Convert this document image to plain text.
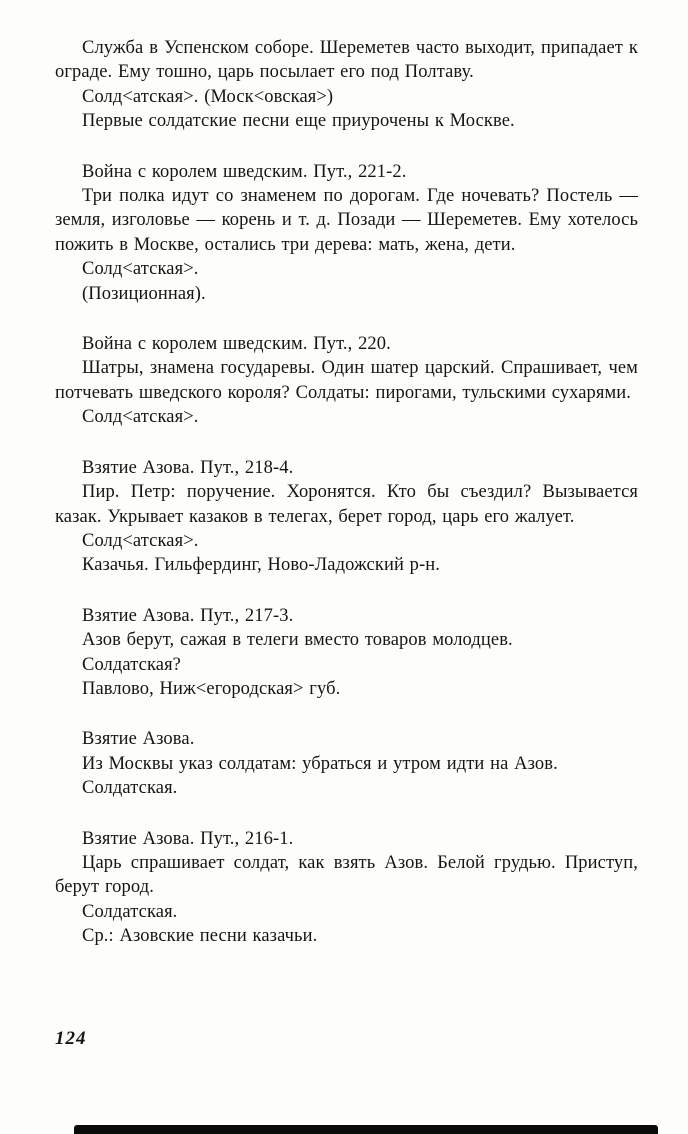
Служба в Успенском соборе. Шереметев часто выходит, припадает к ограде. Ему тошно, царь посылает его под Полтаву.

Солд<атская>. (Моск<овская>)

Первые солдатские песни еще приурочены к Москве.

Война с королем шведским. Пут., 221-2.

Три полка идут со знаменем по дорогам. Где ночевать? Постель — земля, изголовье — корень и т. д. Позади — Шереметев. Ему хотелось пожить в Москве, остались три дерева: мать, жена, дети.

Солд<атская>.

(Позиционная).

Война с королем шведским. Пут., 220.

Шатры, знамена государевы. Один шатер царский. Спрашивает, чем потчевать шведского короля? Солдаты: пирогами, тульскими сухарями.

Солд<атская>.

Взятие Азова. Пут., 218-4.

Пир. Петр: поручение. Хоронятся. Кто бы съездил? Вызывается казак. Укрывает казаков в телегах, берет город, царь его жалует.

Солд<атская>.

Казачья. Гильфердинг, Ново-Ладожский р-н.

Взятие Азова. Пут., 217-3.

Азов берут, сажая в телеги вместо товаров молодцев.

Солдатская?

Павлово, Ниж<егородская> губ.

Взятие Азова.

Из Москвы указ солдатам: убраться и утром идти на Азов.

Солдатская.

Взятие Азова. Пут., 216-1.

Царь спрашивает солдат, как взять Азов. Белой грудью. Приступ, берут город.

Солдатская.

Ср.: Азовские песни казачьи.

124
